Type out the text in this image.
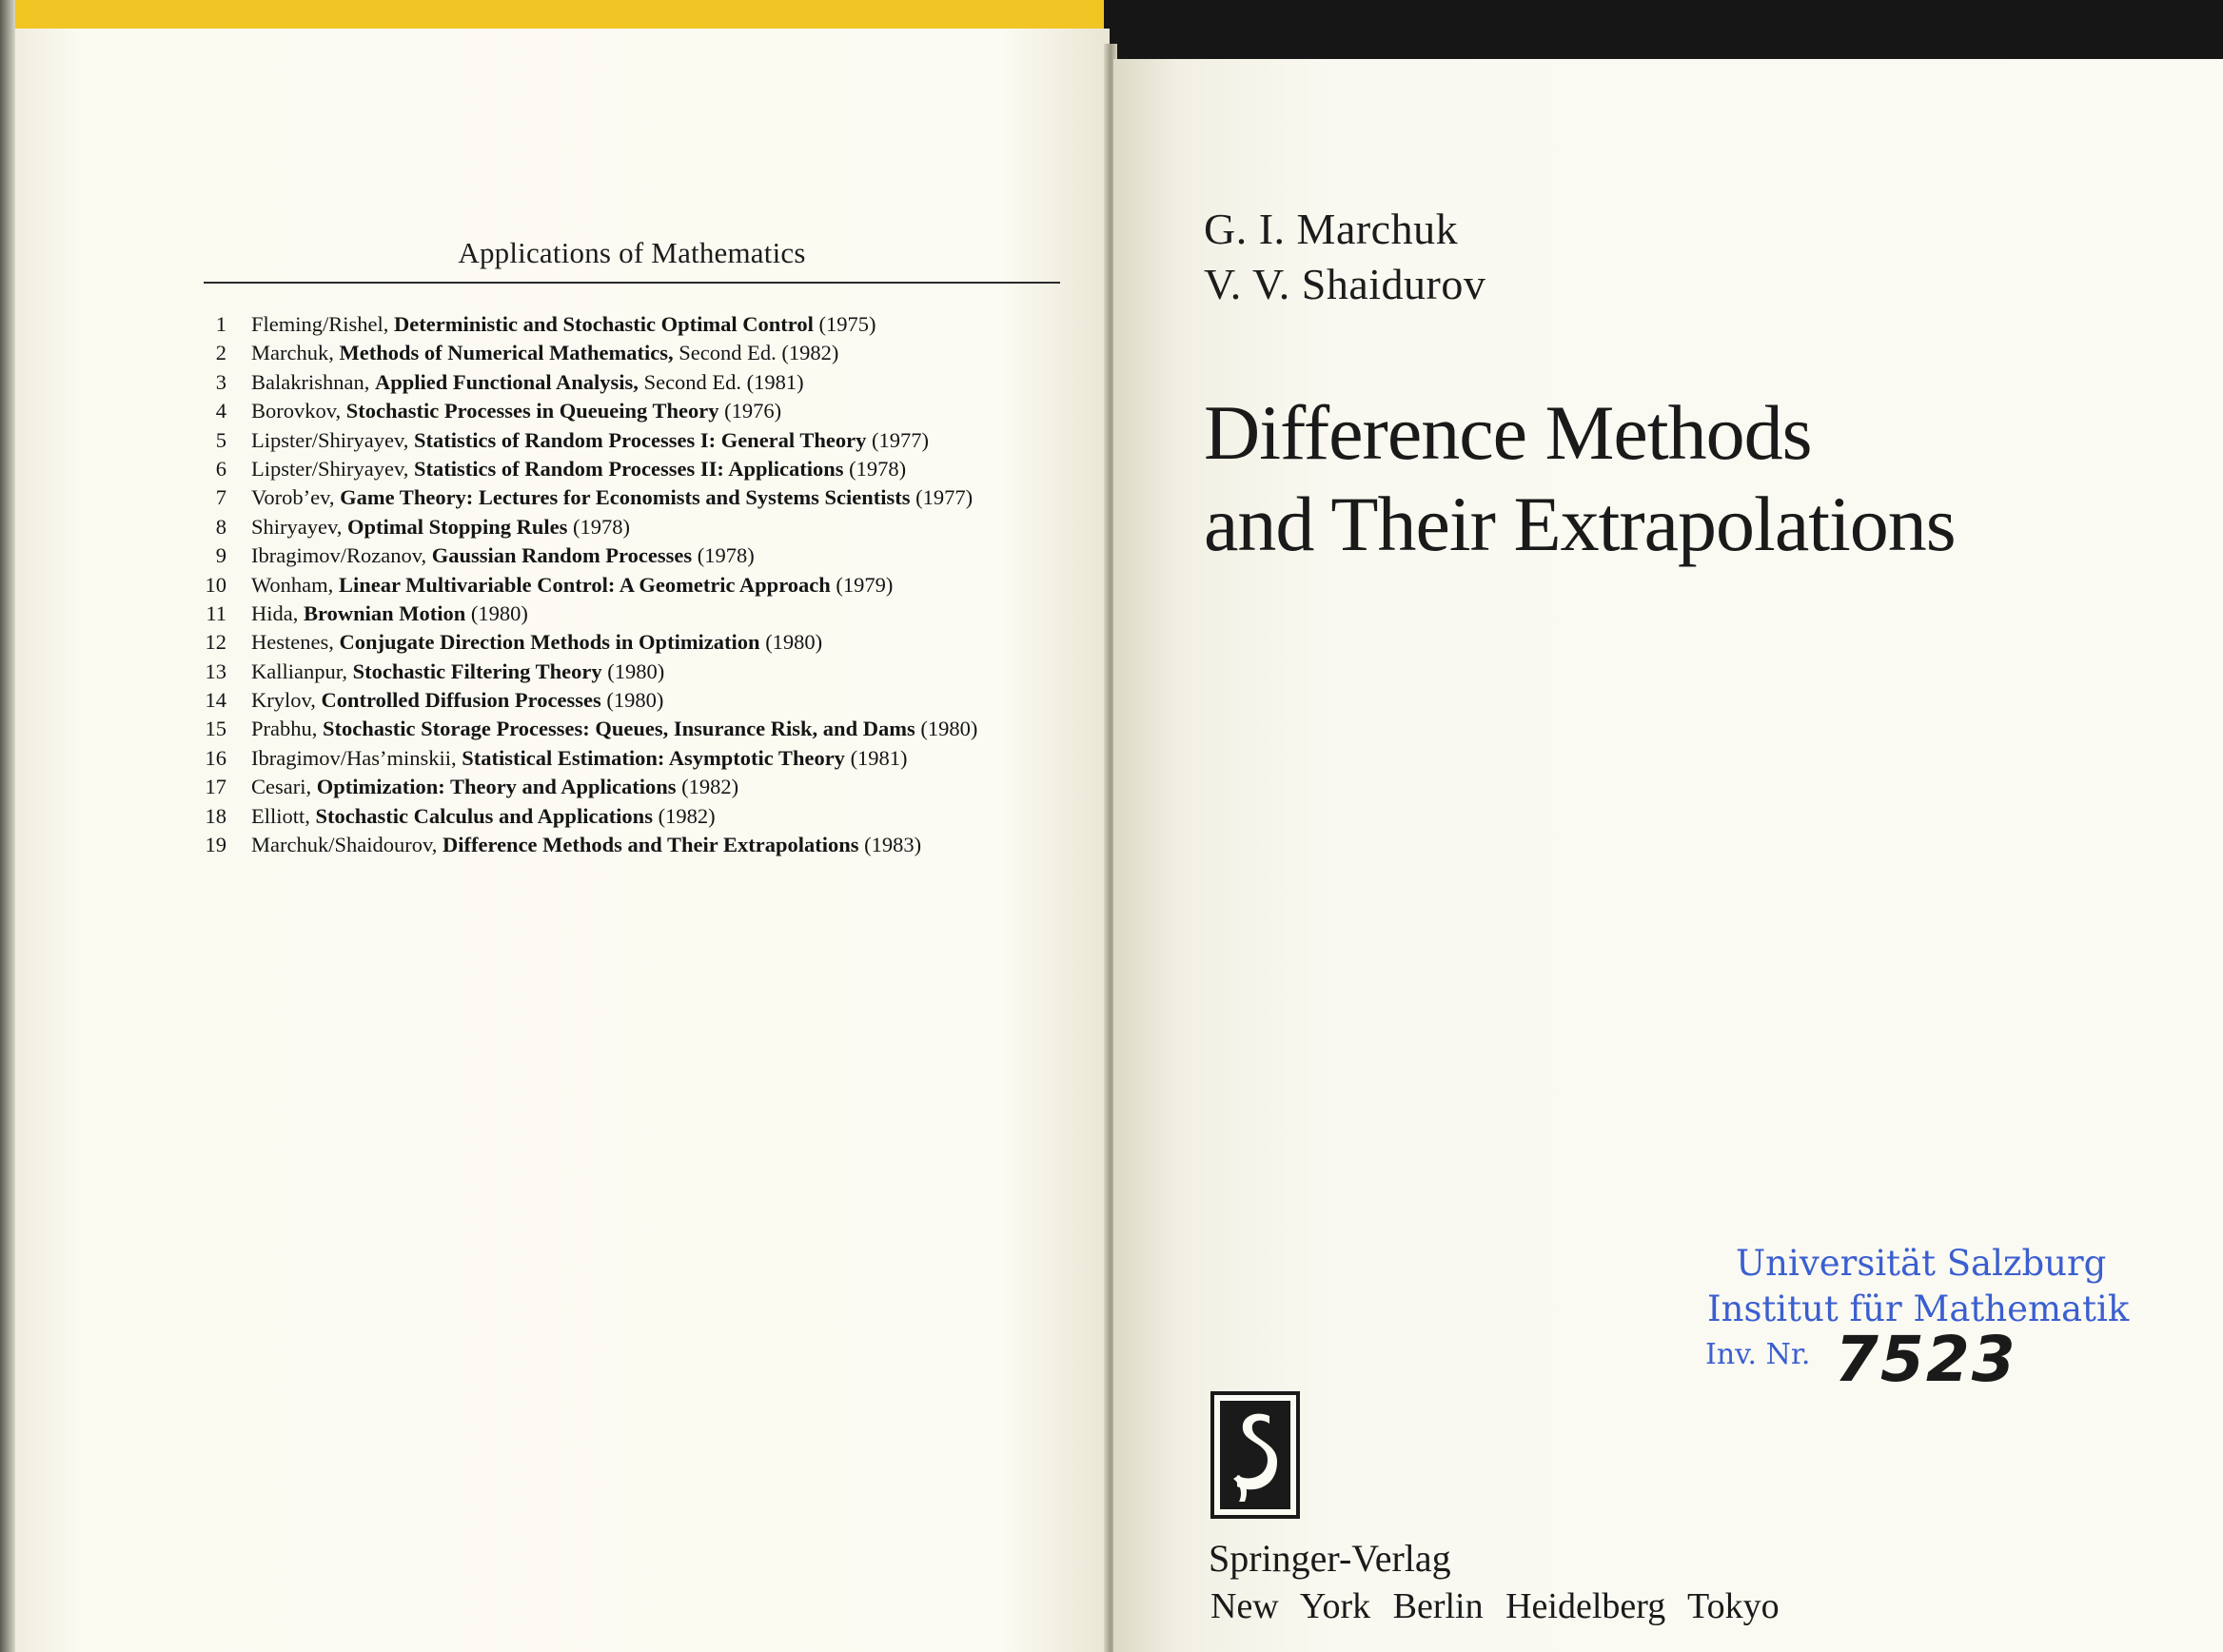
Applications of Mathematics
1 Fleming/Rishel, Deterministic and Stochastic Optimal Control (1975)
2 Marchuk, Methods of Numerical Mathematics, Second Ed. (1982)
3 Balakrishnan, Applied Functional Analysis, Second Ed. (1981)
4 Borovkov, Stochastic Processes in Queueing Theory (1976)
5 Lipster/Shiryayev, Statistics of Random Processes I: General Theory (1977)
6 Lipster/Shiryayev, Statistics of Random Processes II: Applications (1978)
7 Vorob’ev, Game Theory: Lectures for Economists and Systems Scientists (1977)
8 Shiryayev, Optimal Stopping Rules (1978)
9 Ibragimov/Rozanov, Gaussian Random Processes (1978)
10 Wonham, Linear Multivariable Control: A Geometric Approach (1979)
11 Hida, Brownian Motion (1980)
12 Hestenes, Conjugate Direction Methods in Optimization (1980)
13 Kallianpur, Stochastic Filtering Theory (1980)
14 Krylov, Controlled Diffusion Processes (1980)
15 Prabhu, Stochastic Storage Processes: Queues, Insurance Risk, and Dams (1980)
16 Ibragimov/Has’minskii, Statistical Estimation: Asymptotic Theory (1981)
17 Cesari, Optimization: Theory and Applications (1982)
18 Elliott, Stochastic Calculus and Applications (1982)
19 Marchuk/Shaidourov, Difference Methods and Their Extrapolations (1983)

G. I. Marchuk
V. V. Shaidurov
Difference Methods
and Their Extrapolations
Universität Salzburg
Institut für Mathematik
Inv. Nr. 7523
Springer-Verlag
New York Berlin Heidelberg Tokyo
